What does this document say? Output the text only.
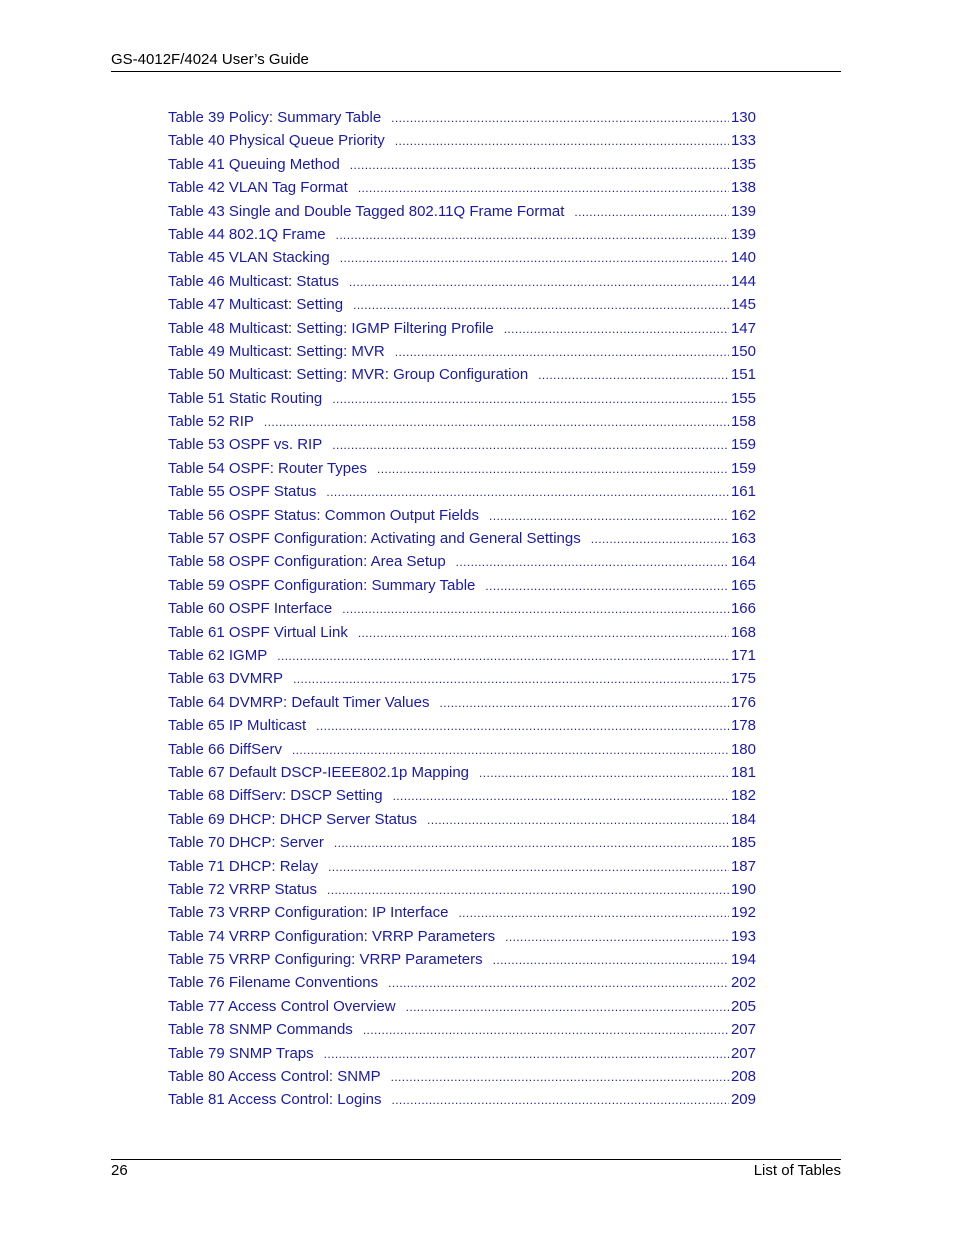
GS-4012F/4024 User’s Guide
Table 39 Policy: Summary Table .....	130
Table 40 Physical Queue Priority .....	133
Table 41 Queuing Method .....	135
Table 42 VLAN Tag Format .....	138
Table 43 Single and Double Tagged 802.11Q Frame Format .....	139
Table 44 802.1Q Frame .....	139
Table 45 VLAN Stacking .....	140
Table 46 Multicast: Status .....	144
Table 47 Multicast: Setting .....	145
Table 48 Multicast: Setting: IGMP Filtering Profile .....	147
Table 49 Multicast: Setting: MVR .....	150
Table 50 Multicast: Setting: MVR: Group Configuration .....	151
Table 51 Static Routing .....	155
Table 52 RIP .....	158
Table 53 OSPF vs. RIP .....	159
Table 54 OSPF: Router Types .....	159
Table 55 OSPF Status .....	161
Table 56 OSPF Status: Common Output Fields .....	162
Table 57 OSPF Configuration: Activating and General Settings .....	163
Table 58 OSPF Configuration: Area Setup .....	164
Table 59 OSPF Configuration: Summary Table .....	165
Table 60 OSPF Interface .....	166
Table 61 OSPF Virtual Link .....	168
Table 62 IGMP .....	171
Table 63 DVMRP .....	175
Table 64 DVMRP: Default Timer Values .....	176
Table 65 IP Multicast .....	178
Table 66 DiffServ .....	180
Table 67 Default DSCP-IEEE802.1p Mapping .....	181
Table 68 DiffServ: DSCP Setting .....	182
Table 69 DHCP: DHCP Server Status .....	184
Table 70 DHCP: Server .....	185
Table 71 DHCP: Relay .....	187
Table 72 VRRP Status .....	190
Table 73 VRRP Configuration: IP Interface .....	192
Table 74 VRRP Configuration: VRRP Parameters .....	193
Table 75 VRRP Configuring: VRRP Parameters .....	194
Table 76 Filename Conventions .....	202
Table 77 Access Control Overview .....	205
Table 78 SNMP Commands .....	207
Table 79 SNMP Traps .....	207
Table 80 Access Control: SNMP .....	208
Table 81 Access Control: Logins .....	209
26	List of Tables
